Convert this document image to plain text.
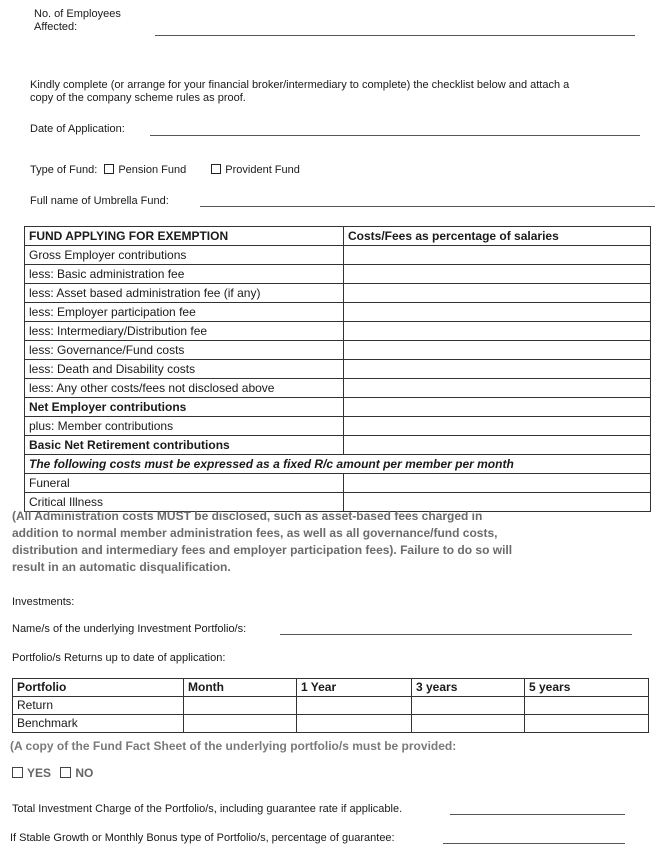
No. of Employees
Affected:
Kindly complete (or arrange for your financial broker/intermediary to complete) the checklist below and attach a
copy of the company scheme rules as proof.
Date of Application:
Type of Fund: Pension Fund	Provident Fund
Full name of Umbrella Fund:
FUND APPLYING FOR EXEMPTION	Costs/Fees as percentage of salaries
Gross Employer contributions	
less: Basic administration fee	
less: Asset based administration fee (if any)	
less: Employer participation fee	
less: Intermediary/Distribution fee	
less: Governance/Fund costs	
less: Death and Disability costs	
less: Any other costs/fees not disclosed above	
Net Employer contributions	
plus: Member contributions	
Basic Net Retirement contributions	
The following costs must be expressed as a fixed R/c amount per member per month	
Funeral	
Critical Illness	
(All Administration costs MUST be disclosed, such as asset-based fees charged in
addition to normal member administration fees, as well as all governance/fund costs,
distribution and intermediary fees and employer participation fees). Failure to do so will
result in an automatic disqualification.
Investments:
Name/s of the underlying Investment Portfolio/s:
Portfolio/s Returns up to date of application:
Portfolio	Month	1 Year	3 years	5 years
Return				
Benchmark				
(A copy of the Fund Fact Sheet of the underlying portfolio/s must be provided:
YES NO
Total Investment Charge of the Portfolio/s, including guarantee rate if applicable.
If Stable Growth or Monthly Bonus type of Portfolio/s, percentage of guarantee:
